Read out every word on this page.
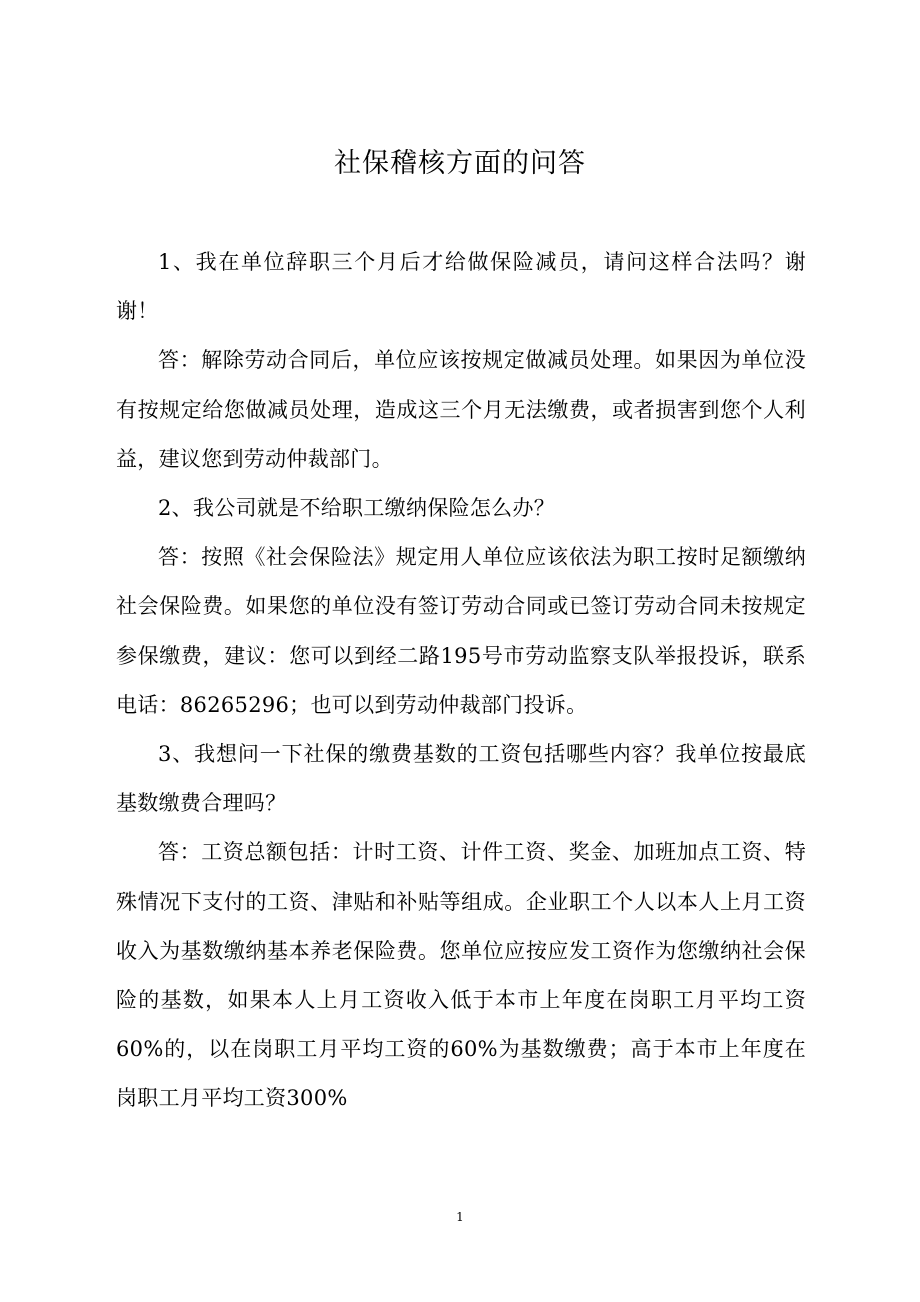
社保稽核方面的问答

1、我在单位辞职三个月后才给做保险减员，请问这样合法吗？谢谢！

答：解除劳动合同后，单位应该按规定做减员处理。如果因为单位没有按规定给您做减员处理，造成这三个月无法缴费，或者损害到您个人利益，建议您到劳动仲裁部门。

2、我公司就是不给职工缴纳保险怎么办？

答：按照《社会保险法》规定用人单位应该依法为职工按时足额缴纳社会保险费。如果您的单位没有签订劳动合同或已签订劳动合同未按规定参保缴费，建议：您可以到经二路195号市劳动监察支队举报投诉，联系电话：86265296；也可以到劳动仲裁部门投诉。

3、我想问一下社保的缴费基数的工资包括哪些内容？我单位按最底基数缴费合理吗？

答：工资总额包括：计时工资、计件工资、奖金、加班加点工资、特殊情况下支付的工资、津贴和补贴等组成。企业职工个人以本人上月工资收入为基数缴纳基本养老保险费。您单位应按应发工资作为您缴纳社会保险的基数，如果本人上月工资收入低于本市上年度在岗职工月平均工资60%的，以在岗职工月平均工资的60%为基数缴费；高于本市上年度在岗职工月平均工资300%

1
